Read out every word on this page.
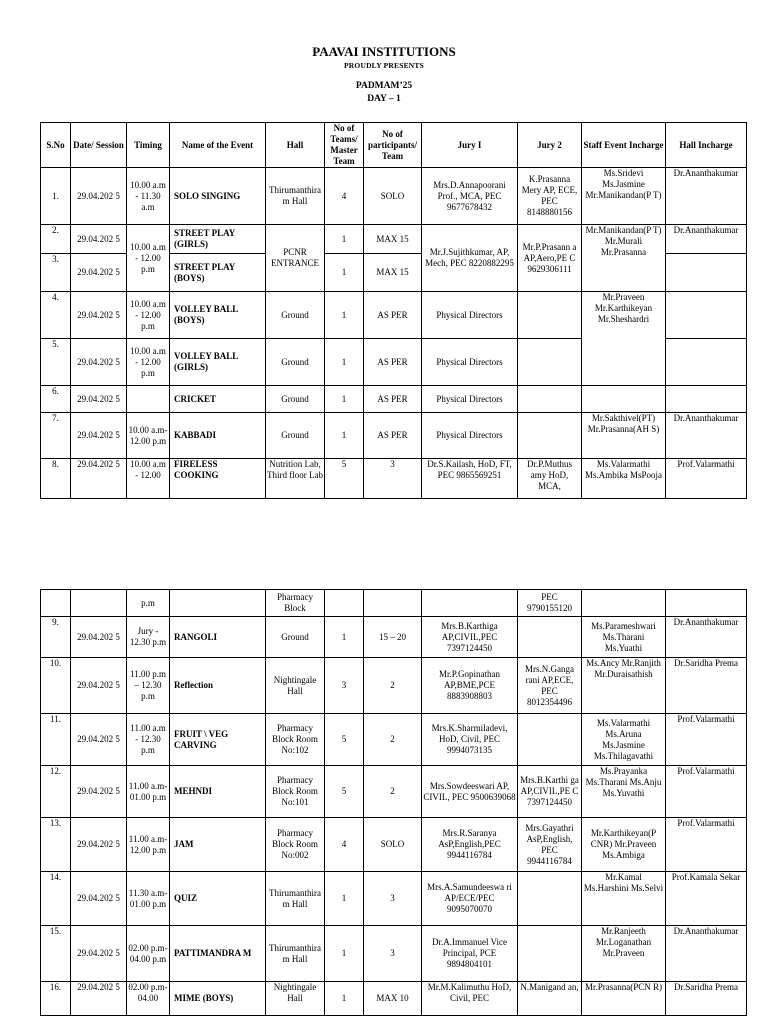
PAAVAI INSTITUTIONS
PROUDLY PRESENTS
PADMAM’25
DAY – 1
S.No	Date/ Session	Timing	Name of the Event	Hall	No of Teams/ Master Team	No of participants/ Team	Jury I	Jury 2	Staff Event Incharge	Hall Incharge
1.	29.04.202 5	10.00 a.m - 11.30 a.m	SOLO SINGING	Thirumanthira m Hall	4	SOLO	Mrs.D.Annapoorani Prof., MCA, PEC 9677678432	K.Prasanna Mery AP, ECE, PEC 8148880156	Ms.Sridevi Ms.Jasmine Mr.Manikandan(P T)	Dr.Ananthakumar
2.	29.04.202 5	10.00 a.m - 12.00 p.m	STREET PLAY (GIRLS)	PCNR ENTRANCE	1	MAX 15	Mr.J.Sujithkumar, AP, Mech, PEC 8220882295	Mr.P.Prasann a AP,Aero,PE C 9629306111	Mr.Manikandan(P T) Mr.Murali Mr.Prasanna	Dr.Ananthakumar
3.	29.04.202 5		STREET PLAY (BOYS)		1	MAX 15				
4.	29.04.202 5	10.00 a.m - 12.00 p.m	VOLLEY BALL (BOYS)	Ground	1	AS PER	Physical Directors		Mr.Praveen Mr.Karthikeyan Mr.Sheshardri	
5.	29.04.202 5	10.00 a.m - 12.00 p.m	VOLLEY BALL (GIRLS)	Ground	1	AS PER	Physical Directors			
6.	29.04.202 5		CRICKET	Ground	1	AS PER	Physical Directors			
7.	29.04.202 5	10.00 a.m- 12.00 p.m	KABBADI	Ground	1	AS PER	Physical Directors		Mr.Sakthivel(PT) Mr.Prasanna(AH S)	Dr.Ananthakumar
8.	29.04.202 5	10.00 a.m - 12.00	FIRELESS COOKING	Nutrition Lab, Third floor Lab	5	3	Dr.S.Kailash, HoD, FT, PEC 9865569251	Dr.P.Muthus amy HoD, MCA,	Ms.Valarmathi Ms.Ambika MsPooja	Prof.Valarmathi
		p.m		Pharmacy Block				PEC 9790155120		
9.	29.04.202 5	Jury - 12.30 p.m	RANGOLI	Ground	1	15 – 20	Mrs.B.Karthiga AP,CIVIL,PEC 7397124450		Ms.Parameshwari Ms.Tharani Ms.Yuathi	Dr.Ananthakumar
10.	29.04.202 5	11.00 p.m – 12.30 p.m	Reflection	Nightingale Hall	3	2	Mr.P.Gopinathan AP,BME,PCE 8883908803	Mrs.N.Ganga rani AP,ECE, PEC 8012354496	Ms.Ancy Mr.Ranjith Mr.Duraisathish	Dr.Saridha Prema
11.	29.04.202 5	11.00 a.m - 12.30 p.m	FRUIT \ VEG CARVING	Pharmacy Block Room No:102	5	2	Mrs.K.Sharmiladevi, HoD, Civil, PEC 9994073135		Ms.Valarmathi Ms.Aruna Ms.Jasmine Ms.Thilagavathi	Prof.Valarmathi
12.	29.04.202 5	11.00 a.m- 01.00 p.m	MEHNDI	Pharmacy Block Room No:101	5	2	Mrs.Sowdeeswari AP, CIVIL, PEC 9500639068	Mrs.B.Karthi ga AP,CIVIL,PE C 7397124450	Ms.Prayanka Ms.Tharani Ms.Anju Ms.Yuvathi	Prof.Valarmathi
13.	29.04.202 5	11.00 a.m- 12.00 p.m	JAM	Pharmacy Block Room No:002	4	SOLO	Mrs.R.Saranya AsP,English,PEC 9944116784	Mrs.Gayathri AsP,English, PEC 9944116784	Mr.Karthikeyan(P CNR) Mr.Praveen Ms.Ambiga	Prof.Valarmathi
14.	29.04.202 5	11.30 a.m- 01.00 p.m	QUIZ	Thirumanthira m Hall	1	3	Mrs.A.Samundeeswa ri AP/ECE/PEC 9095070070		Mr.Kamal Ms.Harshini Ms.Selvi	Prof.Kamala Sekar
15.	29.04.202 5	02.00 p.m- 04.00 p.m	PATTIMANDRA M	Thirumanthira m Hall	1	3	Dr.A.Immanuel Vice Principal, PCE 9894804101		Mr.Ranjeeth Mr.Loganathan Mr.Praveen	Dr.Ananthakumar
16.	29.04.202 5	02.00 p.m- 04.00	MIME (BOYS)	Nightingale Hall	1	MAX 10	Mr.M.Kalimuthu HoD, Civil, PEC	N.Manigand an,	Mr.Prasanna(PCN R)	Dr.Saridha Prema
